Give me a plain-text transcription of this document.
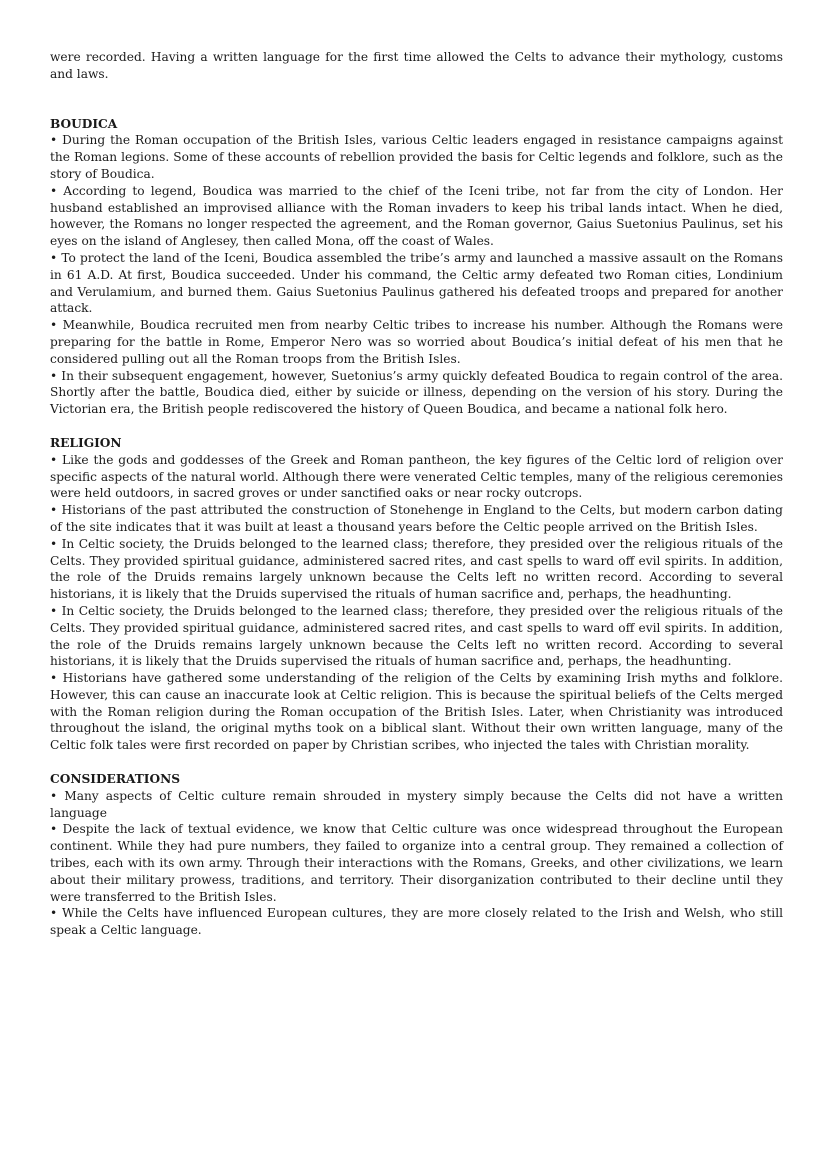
were recorded. Having a written language for the first time allowed the Celts to advance their mythology, customs and laws.

BOUDICA

• During the Roman occupation of the British Isles, various Celtic leaders engaged in resistance campaigns against the Roman legions. Some of these accounts of rebellion provided the basis for Celtic legends and folklore, such as the story of Boudica.

• According to legend, Boudica was married to the chief of the Iceni tribe, not far from the city of London. Her husband established an improvised alliance with the Roman invaders to keep his tribal lands intact. When he died, however, the Romans no longer respected the agreement, and the Roman governor, Gaius Suetonius Paulinus, set his eyes on the island of Anglesey, then called Mona, off the coast of Wales.

• To protect the land of the Iceni, Boudica assembled the tribe’s army and launched a massive assault on the Romans in 61 A.D. At first, Boudica succeeded. Under his command, the Celtic army defeated two Roman cities, Londinium and Verulamium, and burned them. Gaius Suetonius Paulinus gathered his defeated troops and prepared for another attack.

• Meanwhile, Boudica recruited men from nearby Celtic tribes to increase his number. Although the Romans were preparing for the battle in Rome, Emperor Nero was so worried about Boudica’s initial defeat of his men that he considered pulling out all the Roman troops from the British Isles.

• In their subsequent engagement, however, Suetonius’s army quickly defeated Boudica to regain control of the area. Shortly after the battle, Boudica died, either by suicide or illness, depending on the version of his story. During the Victorian era, the British people rediscovered the history of Queen Boudica, and became a national folk hero.

RELIGION

• Like the gods and goddesses of the Greek and Roman pantheon, the key figures of the Celtic lord of religion over specific aspects of the natural world. Although there were venerated Celtic temples, many of the religious ceremonies were held outdoors, in sacred groves or under sanctified oaks or near rocky outcrops.

• Historians of the past attributed the construction of Stonehenge in England to the Celts, but modern carbon dating of the site indicates that it was built at least a thousand years before the Celtic people arrived on the British Isles.

• In Celtic society, the Druids belonged to the learned class; therefore, they presided over the religious rituals of the Celts. They provided spiritual guidance, administered sacred rites, and cast spells to ward off evil spirits. In addition, the role of the Druids remains largely unknown because the Celts left no written record. According to several historians, it is likely that the Druids supervised the rituals of human sacrifice and, perhaps, the headhunting.

• In Celtic society, the Druids belonged to the learned class; therefore, they presided over the religious rituals of the Celts. They provided spiritual guidance, administered sacred rites, and cast spells to ward off evil spirits. In addition, the role of the Druids remains largely unknown because the Celts left no written record. According to several historians, it is likely that the Druids supervised the rituals of human sacrifice and, perhaps, the headhunting.

• Historians have gathered some understanding of the religion of the Celts by examining Irish myths and folklore. However, this can cause an inaccurate look at Celtic religion. This is because the spiritual beliefs of the Celts merged with the Roman religion during the Roman occupation of the British Isles. Later, when Christianity was introduced throughout the island, the original myths took on a biblical slant. Without their own written language, many of the Celtic folk tales were first recorded on paper by Christian scribes, who injected the tales with Christian morality.

CONSIDERATIONS

• Many aspects of Celtic culture remain shrouded in mystery simply because the Celts did not have a written language

• Despite the lack of textual evidence, we know that Celtic culture was once widespread throughout the European continent. While they had pure numbers, they failed to organize into a central group. They remained a collection of tribes, each with its own army. Through their interactions with the Romans, Greeks, and other civilizations, we learn about their military prowess, traditions, and territory. Their disorganization contributed to their decline until they were transferred to the British Isles.

• While the Celts have influenced European cultures, they are more closely related to the Irish and Welsh, who still speak a Celtic language.
